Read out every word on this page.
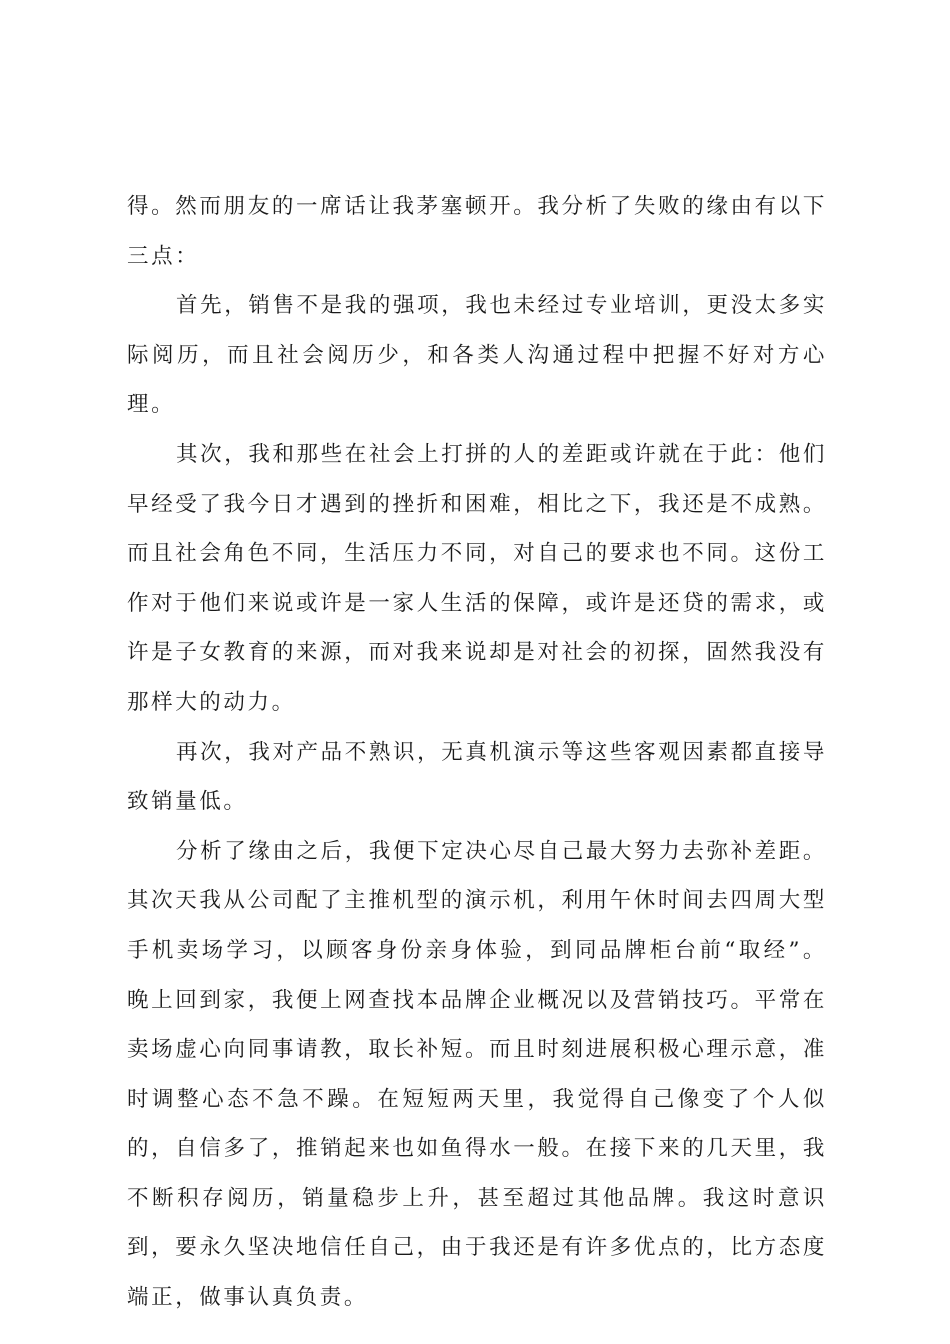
得。然而朋友的一席话让我茅塞顿开。我分析了失败的缘由有以下三点：

首先，销售不是我的强项，我也未经过专业培训，更没太多实际阅历，而且社会阅历少，和各类人沟通过程中把握不好对方心理。

其次，我和那些在社会上打拼的人的差距或许就在于此：他们早经受了我今日才遇到的挫折和困难，相比之下，我还是不成熟。而且社会角色不同，生活压力不同，对自己的要求也不同。这份工作对于他们来说或许是一家人生活的保障，或许是还贷的需求，或许是子女教育的来源，而对我来说却是对社会的初探，固然我没有那样大的动力。

再次，我对产品不熟识，无真机演示等这些客观因素都直接导致销量低。

分析了缘由之后，我便下定决心尽自己最大努力去弥补差距。其次天我从公司配了主推机型的演示机，利用午休时间去四周大型手机卖场学习，以顾客身份亲身体验，到同品牌柜台前“取经”。晚上回到家，我便上网查找本品牌企业概况以及营销技巧。平常在卖场虚心向同事请教，取长补短。而且时刻进展积极心理示意，准时调整心态不急不躁。在短短两天里，我觉得自己像变了个人似的，自信多了，推销起来也如鱼得水一般。在接下来的几天里，我不断积存阅历，销量稳步上升，甚至超过其他品牌。我这时意识到，要永久坚决地信任自己，由于我还是有许多优点的，比方态度端正，做事认真负责。
